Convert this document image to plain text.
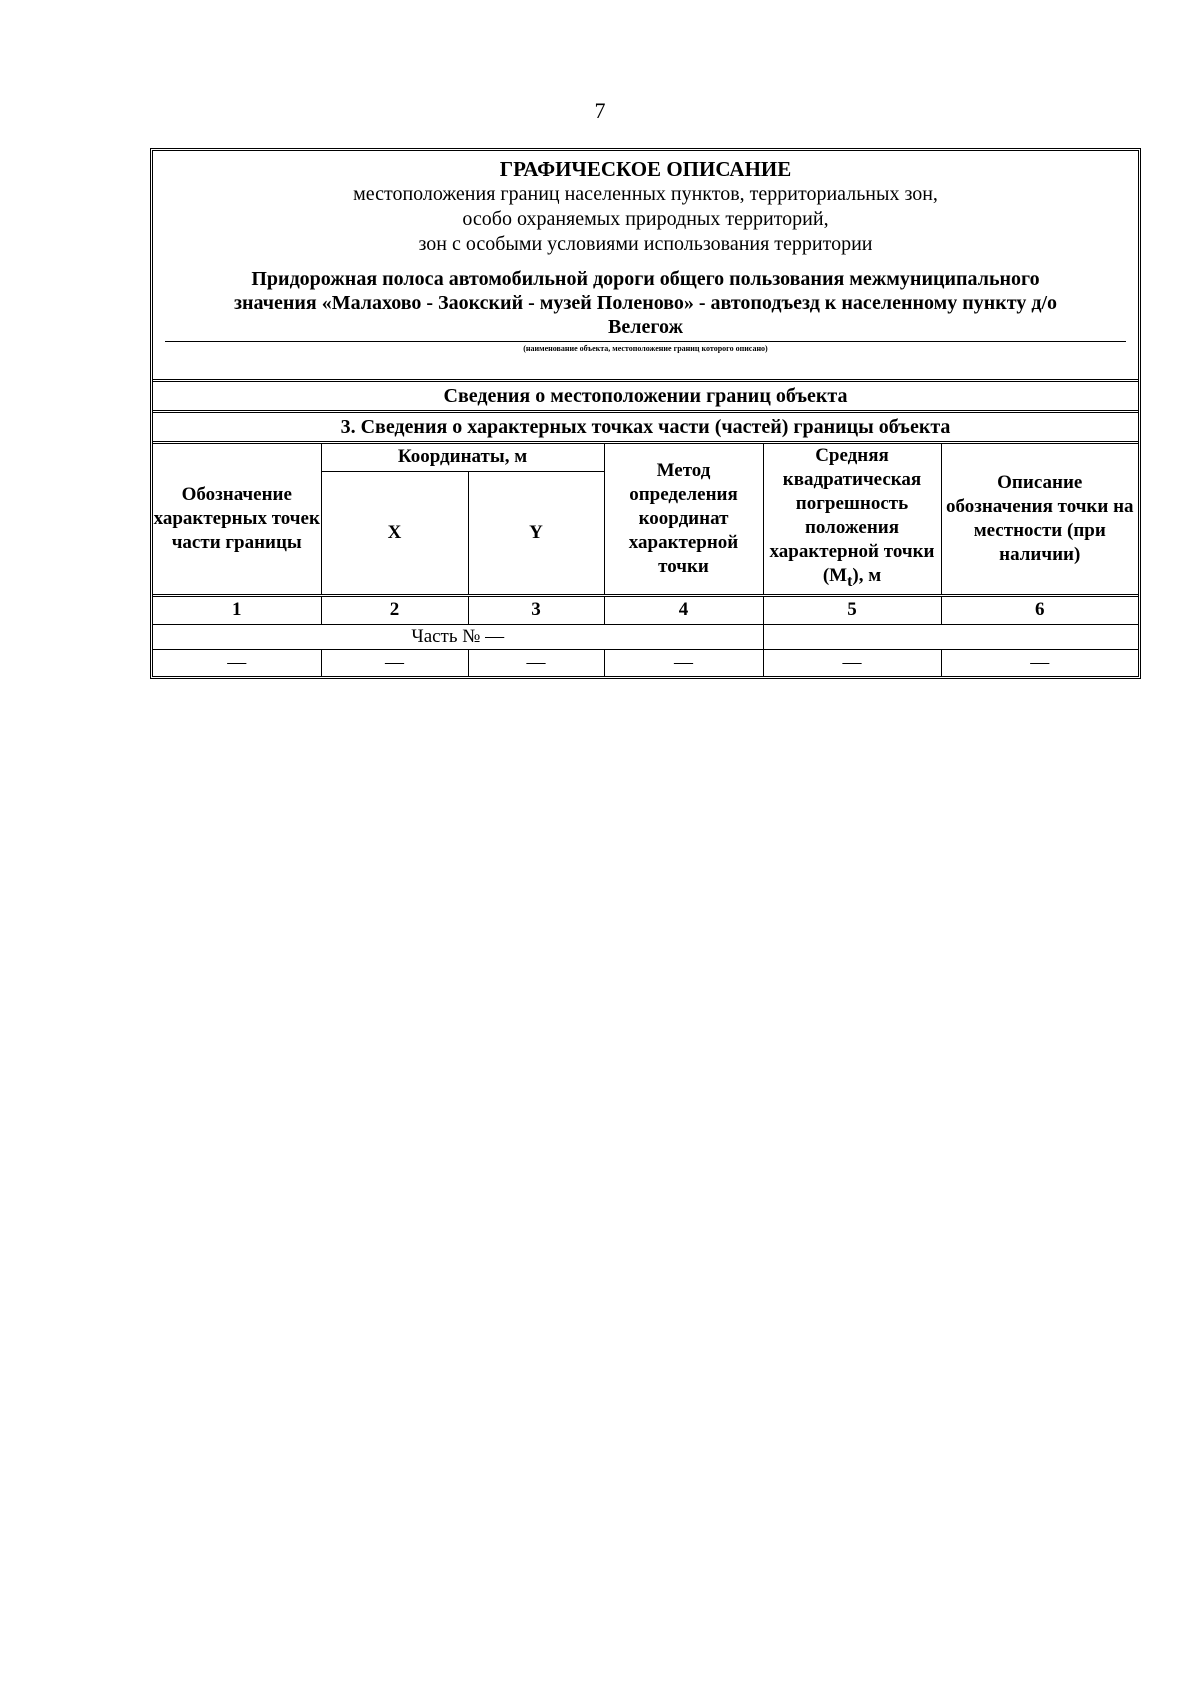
7
ГРАФИЧЕСКОЕ ОПИСАНИЕ
местоположения границ населенных пунктов, территориальных зон,
особо охраняемых природных территорий,
зон с особыми условиями использования территории
Придорожная полоса автомобильной дороги общего пользования межмуниципального
значения «Малахово - Заокский - музей Поленово» - автоподъезд к населенному пункту д/о
Велегож
(наименование объекта, местоположение границ которого описано)
Сведения о местоположении границ объекта
3. Сведения о характерных точках части (частей) границы объекта
Обозначение характерных точек части границы	Координаты, м		Метод определения координат характерной точки	Средняя квадратическая погрешность положения характерной точки $(M_t)$, м	Описание обозначения точки на местности (при наличии)
	X	Y			
1	2	3	4	5	6
Часть № —					
—	—	—	—	—	—
